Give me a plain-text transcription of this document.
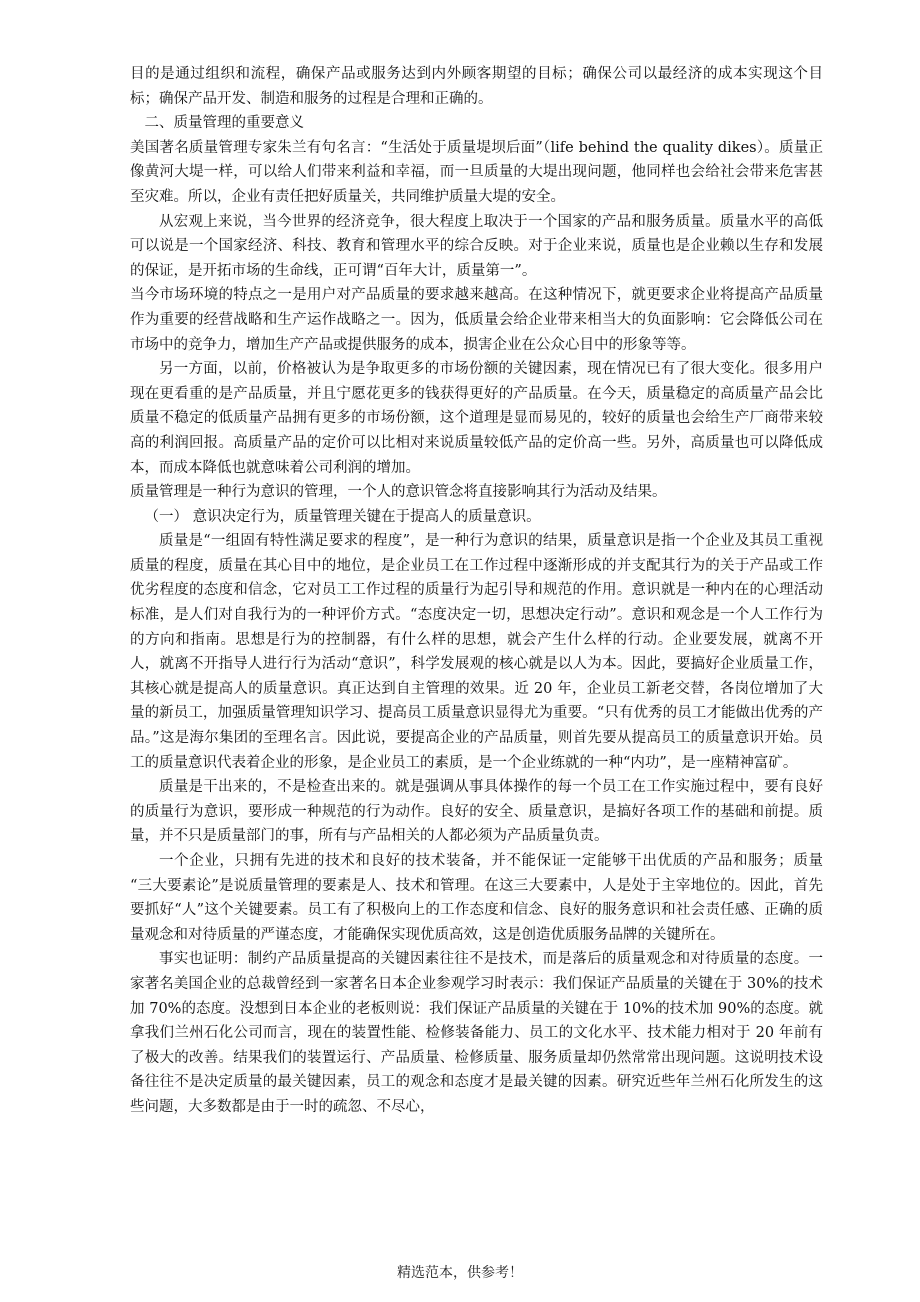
目的是通过组织和流程，确保产品或服务达到内外顾客期望的目标；确保公司以最经济的成本实现这个目标；确保产品开发、制造和服务的过程是合理和正确的。

二、质量管理的重要意义

美国著名质量管理专家朱兰有句名言：“生活处于质量堤坝后面”（life behind the quality dikes）。质量正像黄河大堤一样，可以给人们带来利益和幸福，而一旦质量的大堤出现问题，他同样也会给社会带来危害甚至灾难。所以，企业有责任把好质量关，共同维护质量大堤的安全。

从宏观上来说，当今世界的经济竞争，很大程度上取决于一个国家的产品和服务质量。质量水平的高低可以说是一个国家经济、科技、教育和管理水平的综合反映。对于企业来说，质量也是企业赖以生存和发展的保证，是开拓市场的生命线，正可谓“百年大计，质量第一”。

当今市场环境的特点之一是用户对产品质量的要求越来越高。在这种情况下，就更要求企业将提高产品质量作为重要的经营战略和生产运作战略之一。因为，低质量会给企业带来相当大的负面影响：它会降低公司在市场中的竞争力，增加生产产品或提供服务的成本，损害企业在公众心目中的形象等等。

另一方面，以前，价格被认为是争取更多的市场份额的关键因素，现在情况已有了很大变化。很多用户现在更看重的是产品质量，并且宁愿花更多的钱获得更好的产品质量。在今天，质量稳定的高质量产品会比质量不稳定的低质量产品拥有更多的市场份额，这个道理是显而易见的，较好的质量也会给生产厂商带来较高的利润回报。高质量产品的定价可以比相对来说质量较低产品的定价高一些。另外，高质量也可以降低成本，而成本降低也就意味着公司利润的增加。

质量管理是一种行为意识的管理，一个人的意识管念将直接影响其行为活动及结果。

（一） 意识决定行为，质量管理关键在于提高人的质量意识。

质量是“一组固有特性满足要求的程度”，是一种行为意识的结果，质量意识是指一个企业及其员工重视质量的程度，质量在其心目中的地位，是企业员工在工作过程中逐渐形成的并支配其行为的关于产品或工作优劣程度的态度和信念，它对员工工作过程的质量行为起引导和规范的作用。意识就是一种内在的心理活动标准，是人们对自我行为的一种评价方式。“态度决定一切，思想决定行动”。意识和观念是一个人工作行为的方向和指南。思想是行为的控制器，有什么样的思想，就会产生什么样的行动。企业要发展，就离不开人，就离不开指导人进行行为活动“意识”，科学发展观的核心就是以人为本。因此，要搞好企业质量工作，其核心就是提高人的质量意识。真正达到自主管理的效果。近 20 年，企业员工新老交替，各岗位增加了大量的新员工，加强质量管理知识学习、提高员工质量意识显得尤为重要。“只有优秀的员工才能做出优秀的产品。”这是海尔集团的至理名言。因此说，要提高企业的产品质量，则首先要从提高员工的质量意识开始。员工的质量意识代表着企业的形象，是企业员工的素质，是一个企业练就的一种“内功”，是一座精神富矿。

质量是干出来的，不是检查出来的。就是强调从事具体操作的每一个员工在工作实施过程中，要有良好的质量行为意识，要形成一种规范的行为动作。良好的安全、质量意识，是搞好各项工作的基础和前提。质量，并不只是质量部门的事，所有与产品相关的人都必须为产品质量负责。

一个企业，只拥有先进的技术和良好的技术装备，并不能保证一定能够干出优质的产品和服务；质量 “三大要素论”是说质量管理的要素是人、技术和管理。在这三大要素中，人是处于主宰地位的。因此，首先要抓好“人”这个关键要素。员工有了积极向上的工作态度和信念、良好的服务意识和社会责任感、正确的质量观念和对待质量的严谨态度，才能确保实现优质高效，这是创造优质服务品牌的关键所在。

事实也证明：制约产品质量提高的关键因素往往不是技术，而是落后的质量观念和对待质量的态度。一家著名美国企业的总裁曾经到一家著名日本企业参观学习时表示：我们保证产品质量的关键在于 30%的技术加 70%的态度。没想到日本企业的老板则说：我们保证产品质量的关键在于 10%的技术加 90%的态度。就拿我们兰州石化公司而言，现在的装置性能、检修装备能力、员工的文化水平、技术能力相对于 20 年前有了极大的改善。结果我们的装置运行、产品质量、检修质量、服务质量却仍然常常出现问题。这说明技术设备往往不是决定质量的最关键因素，员工的观念和态度才是最关键的因素。研究近些年兰州石化所发生的这些问题，大多数都是由于一时的疏忽、不尽心，

精选范本，供参考！
